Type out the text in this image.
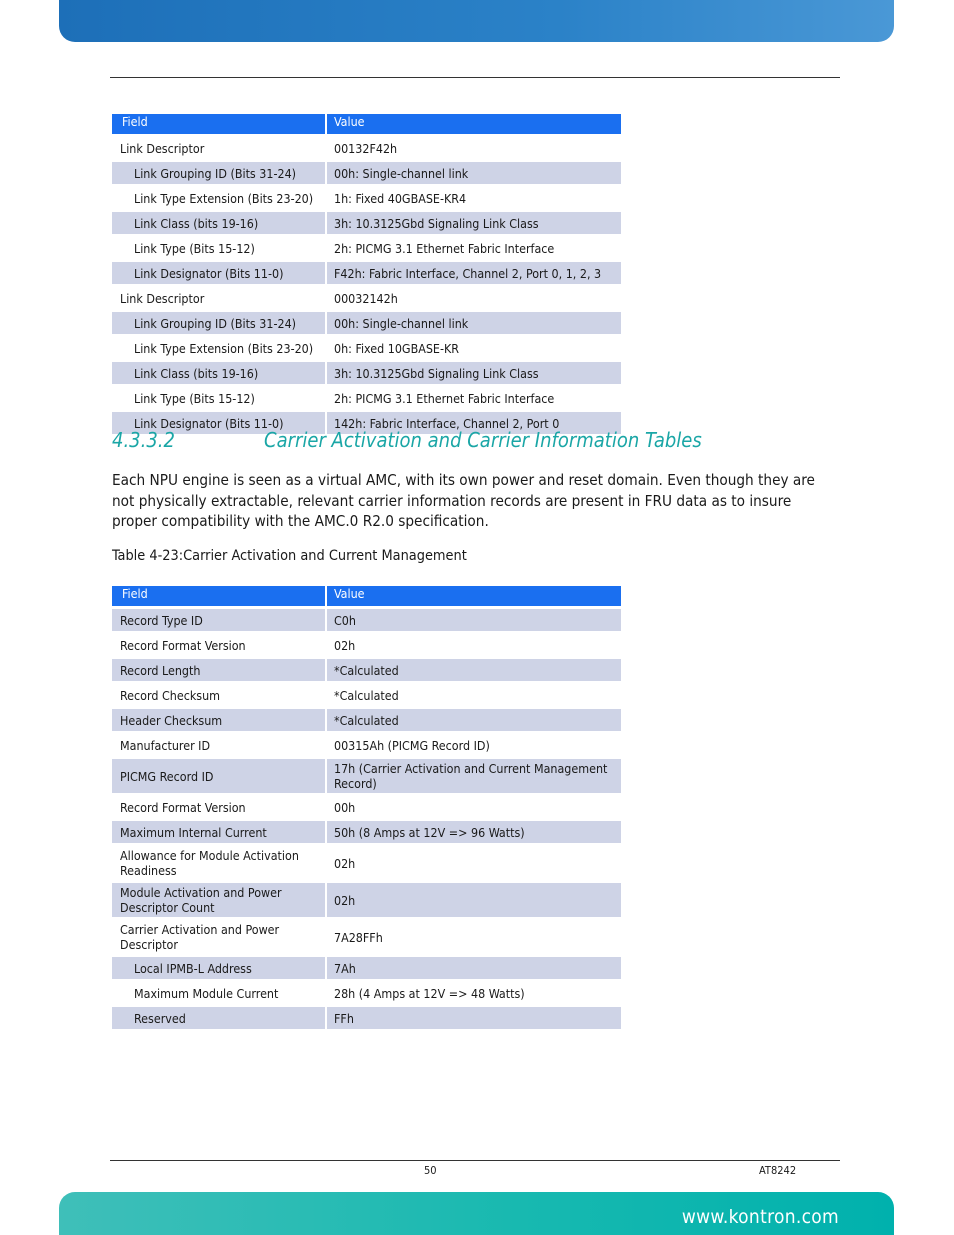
Field	Value
Link Descriptor	00132F42h
Link Grouping ID (Bits 31-24)	00h: Single-channel link
Link Type Extension (Bits 23-20)	1h: Fixed 40GBASE-KR4
Link Class (bits 19-16)	3h: 10.3125Gbd Signaling Link Class
Link Type (Bits 15-12)	2h: PICMG 3.1 Ethernet Fabric Interface
Link Designator (Bits 11-0)	F42h: Fabric Interface, Channel 2, Port 0, 1, 2, 3
Link Descriptor	00032142h
Link Grouping ID (Bits 31-24)	00h: Single-channel link
Link Type Extension (Bits 23-20)	0h: Fixed 10GBASE-KR
Link Class (bits 19-16)	3h: 10.3125Gbd Signaling Link Class
Link Type (Bits 15-12)	2h: PICMG 3.1 Ethernet Fabric Interface
Link Designator (Bits 11-0)	142h: Fabric Interface, Channel 2, Port 0
4.3.3.2	Carrier Activation and Carrier Information Tables

Each NPU engine is seen as a virtual AMC, with its own power and reset domain. Even though they are not physically extractable, relevant carrier information records are present in FRU data as to insure proper compatibility with the AMC.0 R2.0 specification.

Table 4-23:Carrier Activation and Current Management

Field	Value
Record Type ID	C0h
Record Format Version	02h
Record Length	*Calculated
Record Checksum	*Calculated
Header Checksum	*Calculated
Manufacturer ID	00315Ah (PICMG Record ID)
PICMG Record ID	17h (Carrier Activation and Current Management Record)
Record Format Version	00h
Maximum Internal Current	50h (8 Amps at 12V => 96 Watts)
Allowance for Module Activation Readiness	02h
Module Activation and Power Descriptor Count	02h
Carrier Activation and Power Descriptor	7A28FFh
Local IPMB-L Address	7Ah
Maximum Module Current	28h (4 Amps at 12V => 48 Watts)
Reserved	FFh
50	AT8242
www.kontron.com
